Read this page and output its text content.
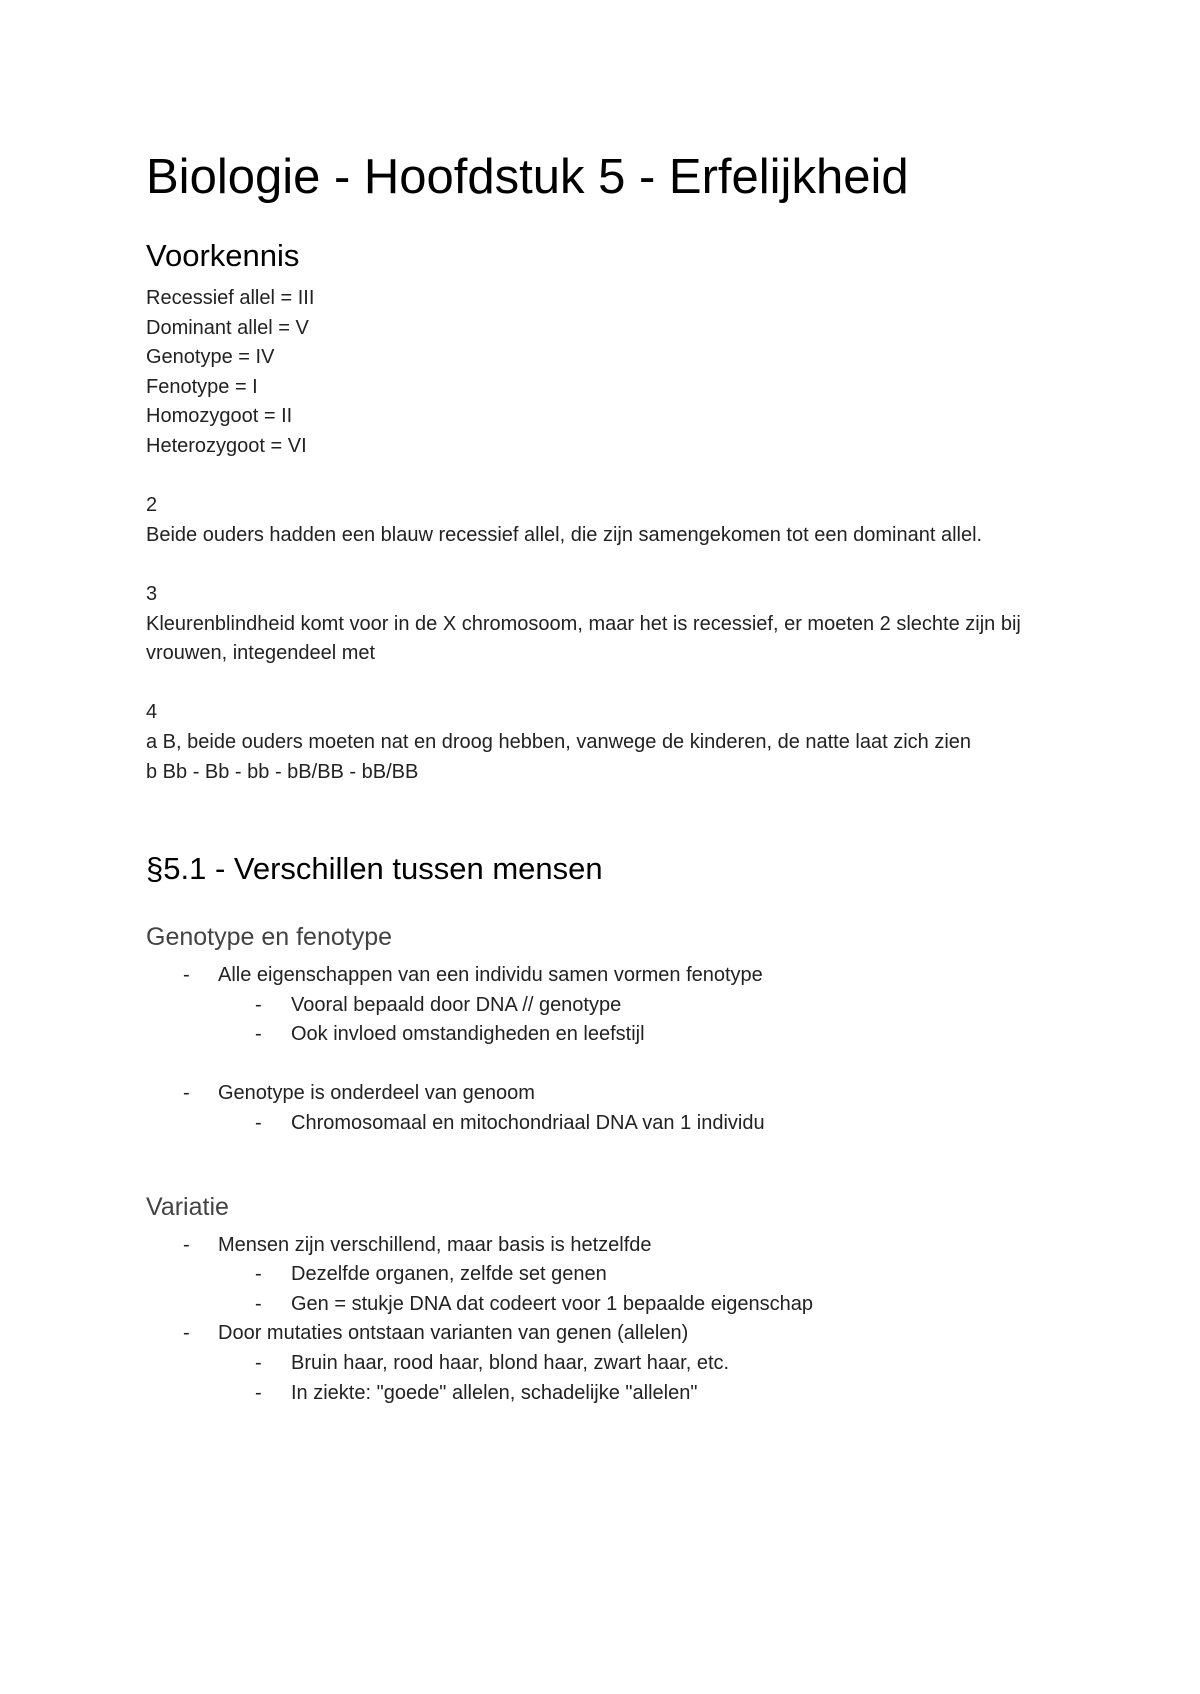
Biologie - Hoofdstuk 5 - Erfelijkheid
Voorkennis

Recessief allel = III

Dominant allel = V

Genotype = IV

Fenotype = I

Homozygoot = II

Heterozygoot = VI

2

Beide ouders hadden een blauw recessief allel, die zijn samengekomen tot een dominant allel.

3

Kleurenblindheid komt voor in de X chromosoom, maar het is recessief, er moeten 2 slechte zijn bij vrouwen, integendeel met

4

a B, beide ouders moeten nat en droog hebben, vanwege de kinderen, de natte laat zich zien

b Bb - Bb - bb - bB/BB - bB/BB

§5.1 - Verschillen tussen mensen
Genotype en fenotype
- Alle eigenschappen van een individu samen vormen fenotype
- Vooral bepaald door DNA // genotype
- Ook invloed omstandigheden en leefstijl
- Genotype is onderdeel van genoom
- Chromosomaal en mitochondriaal DNA van 1 individu
Variatie
- Mensen zijn verschillend, maar basis is hetzelfde
- Dezelfde organen, zelfde set genen
- Gen = stukje DNA dat codeert voor 1 bepaalde eigenschap
- Door mutaties ontstaan varianten van genen (allelen)
- Bruin haar, rood haar, blond haar, zwart haar, etc.
- In ziekte: "goede" allelen, schadelijke "allelen"
